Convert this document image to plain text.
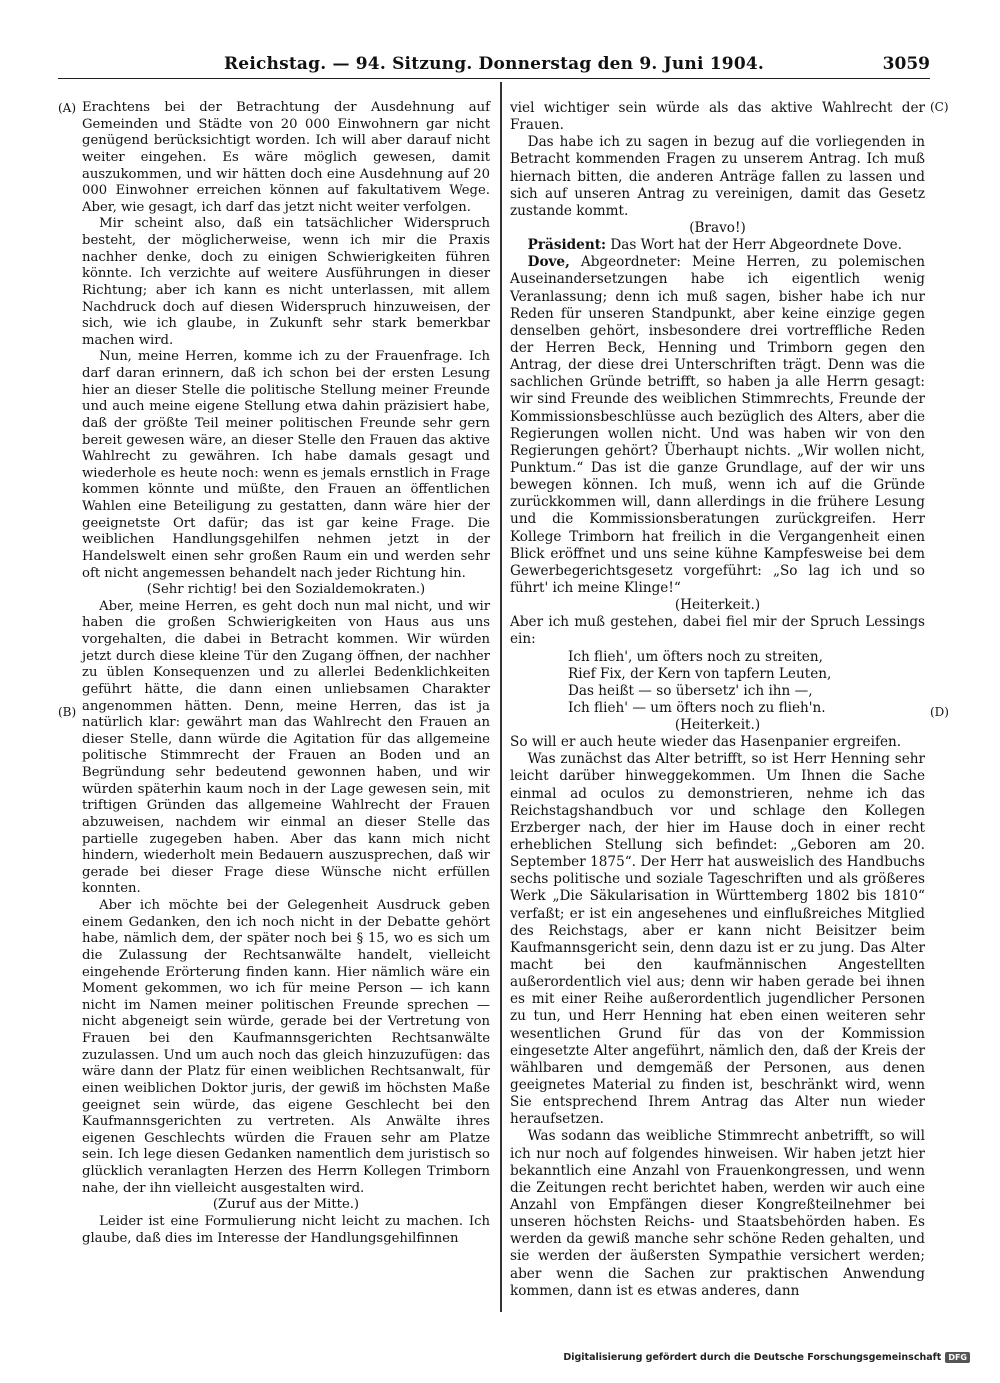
Reichstag. — 94. Sitzung. Donnerstag den 9. Juni 1904.	3059
(A)
(B)
(C)
(D)

Erachtens bei der Betrachtung der Ausdehnung auf Gemeinden und Städte von 20 000 Einwohnern gar nicht genügend berücksichtigt worden. Ich will aber darauf nicht weiter eingehen. Es wäre möglich gewesen, damit auszukommen, und wir hätten doch eine Ausdehnung auf 20 000 Einwohner erreichen können auf fakultativem Wege. Aber, wie gesagt, ich darf das jetzt nicht weiter verfolgen.

Mir scheint also, daß ein tatsächlicher Widerspruch besteht, der möglicherweise, wenn ich mir die Praxis nachher denke, doch zu einigen Schwierigkeiten führen könnte. Ich verzichte auf weitere Ausführungen in dieser Richtung; aber ich kann es nicht unterlassen, mit allem Nachdruck doch auf diesen Widerspruch hinzuweisen, der sich, wie ich glaube, in Zukunft sehr stark bemerkbar machen wird.

Nun, meine Herren, komme ich zu der Frauenfrage. Ich darf daran erinnern, daß ich schon bei der ersten Lesung hier an dieser Stelle die politische Stellung meiner Freunde und auch meine eigene Stellung etwa dahin präzisiert habe, daß der größte Teil meiner politischen Freunde sehr gern bereit gewesen wäre, an dieser Stelle den Frauen das aktive Wahlrecht zu gewähren. Ich habe damals gesagt und wiederhole es heute noch: wenn es jemals ernstlich in Frage kommen könnte und müßte, den Frauen an öffentlichen Wahlen eine Beteiligung zu gestatten, dann wäre hier der geeignetste Ort dafür; das ist gar keine Frage. Die weiblichen Handlungsgehilfen nehmen jetzt in der Handelswelt einen sehr großen Raum ein und werden sehr oft nicht angemessen behandelt nach jeder Richtung hin.

(Sehr richtig! bei den Sozialdemokraten.)

Aber, meine Herren, es geht doch nun mal nicht, und wir haben die großen Schwierigkeiten von Haus aus uns vorgehalten, die dabei in Betracht kommen. Wir würden jetzt durch diese kleine Tür den Zugang öffnen, der nachher zu üblen Konsequenzen und zu allerlei Bedenklichkeiten geführt hätte, die dann einen unliebsamen Charakter angenommen hätten. Denn, meine Herren, das ist ja natürlich klar: gewährt man das Wahlrecht den Frauen an dieser Stelle, dann würde die Agitation für das allgemeine politische Stimmrecht der Frauen an Boden und an Begründung sehr bedeutend gewonnen haben, und wir würden späterhin kaum noch in der Lage gewesen sein, mit triftigen Gründen das allgemeine Wahlrecht der Frauen abzuweisen, nachdem wir einmal an dieser Stelle das partielle zugegeben haben. Aber das kann mich nicht hindern, wiederholt mein Bedauern auszusprechen, daß wir gerade bei dieser Frage diese Wünsche nicht erfüllen konnten.

Aber ich möchte bei der Gelegenheit Ausdruck geben einem Gedanken, den ich noch nicht in der Debatte gehört habe, nämlich dem, der später noch bei § 15, wo es sich um die Zulassung der Rechtsanwälte handelt, vielleicht eingehende Erörterung finden kann. Hier nämlich wäre ein Moment gekommen, wo ich für meine Person — ich kann nicht im Namen meiner politischen Freunde sprechen — nicht abgeneigt sein würde, gerade bei der Vertretung von Frauen bei den Kaufmannsgerichten Rechtsanwälte zuzulassen. Und um auch noch das gleich hinzuzufügen: das wäre dann der Platz für einen weiblichen Rechtsanwalt, für einen weiblichen Doktor juris, der gewiß im höchsten Maße geeignet sein würde, das eigene Geschlecht bei den Kaufmannsgerichten zu vertreten. Als Anwälte ihres eigenen Geschlechts würden die Frauen sehr am Platze sein. Ich lege diesen Gedanken namentlich dem juristisch so glücklich veranlagten Herzen des Herrn Kollegen Trimborn nahe, der ihn vielleicht ausgestalten wird.

(Zuruf aus der Mitte.)

Leider ist eine Formulierung nicht leicht zu machen. Ich glaube, daß dies im Interesse der Handlungsgehilfinnen

viel wichtiger sein würde als das aktive Wahlrecht der Frauen.

Das habe ich zu sagen in bezug auf die vorliegenden in Betracht kommenden Fragen zu unserem Antrag. Ich muß hiernach bitten, die anderen Anträge fallen zu lassen und sich auf unseren Antrag zu vereinigen, damit das Gesetz zustande kommt.

(Bravo!)

Präsident: Das Wort hat der Herr Abgeordnete Dove.

Dove, Abgeordneter: Meine Herren, zu polemischen Auseinandersetzungen habe ich eigentlich wenig Veranlassung; denn ich muß sagen, bisher habe ich nur Reden für unseren Standpunkt, aber keine einzige gegen denselben gehört, insbesondere drei vortreffliche Reden der Herren Beck, Henning und Trimborn gegen den Antrag, der diese drei Unterschriften trägt. Denn was die sachlichen Gründe betrifft, so haben ja alle Herrn gesagt: wir sind Freunde des weiblichen Stimmrechts, Freunde der Kommissionsbeschlüsse auch bezüglich des Alters, aber die Regierungen wollen nicht. Und was haben wir von den Regierungen gehört? Überhaupt nichts. „Wir wollen nicht, Punktum.“ Das ist die ganze Grundlage, auf der wir uns bewegen können. Ich muß, wenn ich auf die Gründe zurückkommen will, dann allerdings in die frühere Lesung und die Kommissionsberatungen zurückgreifen. Herr Kollege Trimborn hat freilich in die Vergangenheit einen Blick eröffnet und uns seine kühne Kampfesweise bei dem Gewerbegerichtsgesetz vorgeführt: „So lag ich und so führt' ich meine Klinge!“

(Heiterkeit.)

Aber ich muß gestehen, dabei fiel mir der Spruch Lessings ein:

Ich flieh', um öfters noch zu streiten,

Rief Fix, der Kern von tapfern Leuten,

Das heißt — so übersetz' ich ihn —,

Ich flieh' — um öfters noch zu flieh'n.

(Heiterkeit.)

So will er auch heute wieder das Hasenpanier ergreifen.

Was zunächst das Alter betrifft, so ist Herr Henning sehr leicht darüber hinweggekommen. Um Ihnen die Sache einmal ad oculos zu demonstrieren, nehme ich das Reichstagshandbuch vor und schlage den Kollegen Erzberger nach, der hier im Hause doch in einer recht erheblichen Stellung sich befindet: „Geboren am 20. September 1875“. Der Herr hat ausweislich des Handbuchs sechs politische und soziale Tageschriften und als größeres Werk „Die Säkularisation in Württemberg 1802 bis 1810“ verfaßt; er ist ein angesehenes und einflußreiches Mitglied des Reichstags, aber er kann nicht Beisitzer beim Kaufmannsgericht sein, denn dazu ist er zu jung. Das Alter macht bei den kaufmännischen Angestellten außerordentlich viel aus; denn wir haben gerade bei ihnen es mit einer Reihe außerordentlich jugendlicher Personen zu tun, und Herr Henning hat eben einen weiteren sehr wesentlichen Grund für das von der Kommission eingesetzte Alter angeführt, nämlich den, daß der Kreis der wählbaren und demgemäß der Personen, aus denen geeignetes Material zu finden ist, beschränkt wird, wenn Sie entsprechend Ihrem Antrag das Alter nun wieder heraufsetzen.

Was sodann das weibliche Stimmrecht anbetrifft, so will ich nur noch auf folgendes hinweisen. Wir haben jetzt hier bekanntlich eine Anzahl von Frauenkongressen, und wenn die Zeitungen recht berichtet haben, werden wir auch eine Anzahl von Empfängen dieser Kongreßteilnehmer bei unseren höchsten Reichs- und Staatsbehörden haben. Es werden da gewiß manche sehr schöne Reden gehalten, und sie werden der äußersten Sympathie versichert werden; aber wenn die Sachen zur praktischen Anwendung kommen, dann ist es etwas anderes, dann

Digitalisierung gefördert durch die Deutsche Forschungsgemeinschaft DFG
